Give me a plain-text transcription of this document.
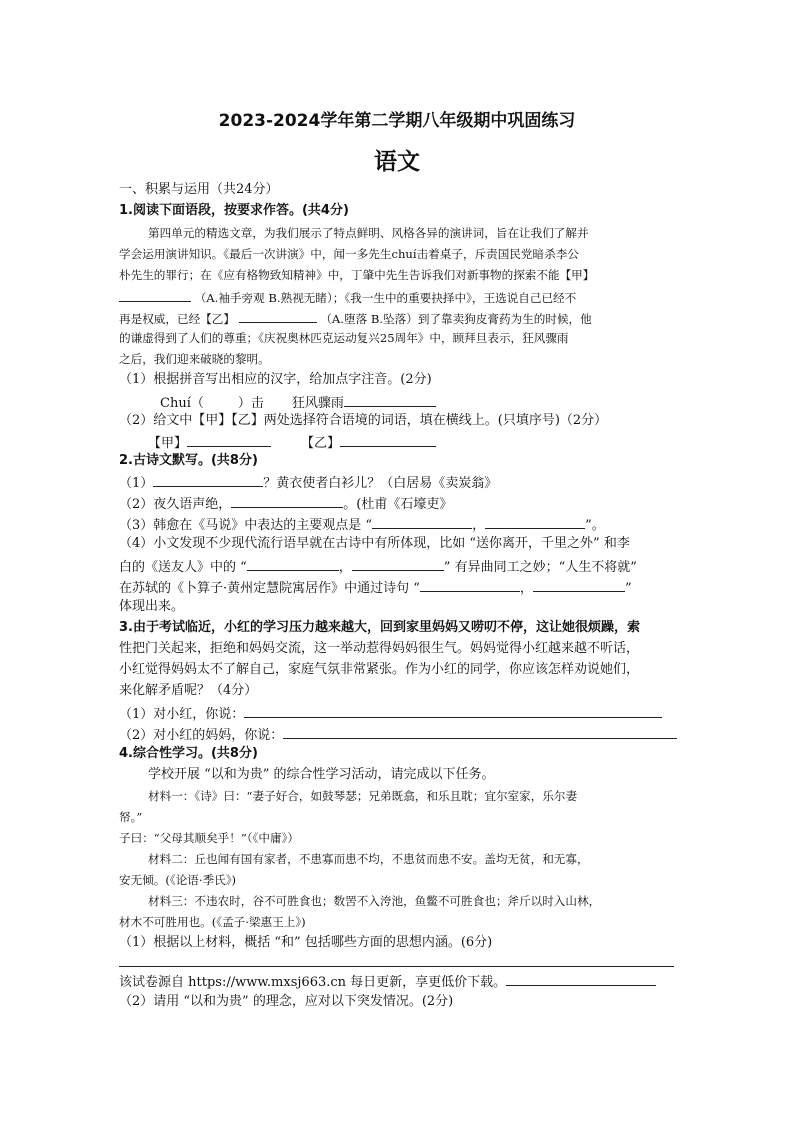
2023-2024学年第二学期八年级期中巩固练习
语文
一、积累与运用（共24分）
1.阅读下面语段，按要求作答。(共4分)
第四单元的精选文章，为我们展示了特点鲜明、风格各异的演讲词，旨在让我们了解并
学会运用演讲知识。《最后一次讲演》中，闻一多先生chuí击着桌子，斥责国民党暗杀李公
朴先生的罪行；在《应有格物致知精神》中，丁肇中先生告诉我们对新事物的探索不能【甲】
（A.袖手旁观 B.熟视无睹）；《我一生中的重要抉择中》，王选说自己已经不
再是权威，已经【乙】	（A.堕落 B.坠落）到了靠卖狗皮膏药为生的时候，他
的谦虚得到了人们的尊重；《庆祝奥林匹克运动复兴25周年》中，顾拜旦表示，狂风骤雨
之后，我们迎来破晓的黎明。
（1）根据拼音写出相应的汉字，给加点字注音。(2分)
Chuí（	）击 狂风骤雨
（2）给文中【甲】【乙】两处选择符合语境的词语，填在横线上。(只填序号)（2分）
【甲】	【乙】
2.古诗文默写。(共8分)
（1）	？黄衣使者白衫儿？（白居易《卖炭翁》
（2）夜久语声绝，	。(杜甫《石壕吏》
（3）韩愈在《马说》中表达的主要观点是 “	，	”。
（4）小文发现不少现代流行语早就在古诗中有所体现，比如 “送你离开，千里之外” 和李
白的《送友人》中的 “	，	” 有异曲同工之妙；“人生不将就”
在苏轼的《卜算子·黄州定慧院寓居作》中通过诗句 “	，	”
体现出来。
3.由于考试临近，小红的学习压力越来越大，回到家里妈妈又唠叨不停，这让她很烦躁，索
性把门关起来，拒绝和妈妈交流，这一举动惹得妈妈很生气。妈妈觉得小红越来越不听话，
小红觉得妈妈太不了解自己，家庭气氛非常紧张。作为小红的同学，你应该怎样劝说她们，
来化解矛盾呢？（4分）
（1）对小红，你说：
（2）对小红的妈妈，你说：
4.综合性学习。(共8分)
学校开展 “以和为贵” 的综合性学习活动，请完成以下任务。
材料一：《诗》曰：“妻子好合，如鼓琴瑟；兄弟既翕，和乐且耽；宜尔室家，乐尔妻
帑。”
子曰：“父母其顺矣乎！”（《中庸》）
材料二：丘也闻有国有家者，不患寡而患不均，不患贫而患不安。盖均无贫，和无寡，
安无倾。(《论语·季氏》)
材料三：不违农时，谷不可胜食也；数罟不入洿池，鱼鳖不可胜食也；斧斤以时入山林，
材木不可胜用也。(《孟子·梁惠王上》)
（1）根据以上材料，概括 “和” 包括哪些方面的思想内涵。(6分)
该试卷源自 https://www.mxsj663.cn 每日更新，享更低价下载。
（2）请用 “以和为贵” 的理念，应对以下突发情况。(2分)
